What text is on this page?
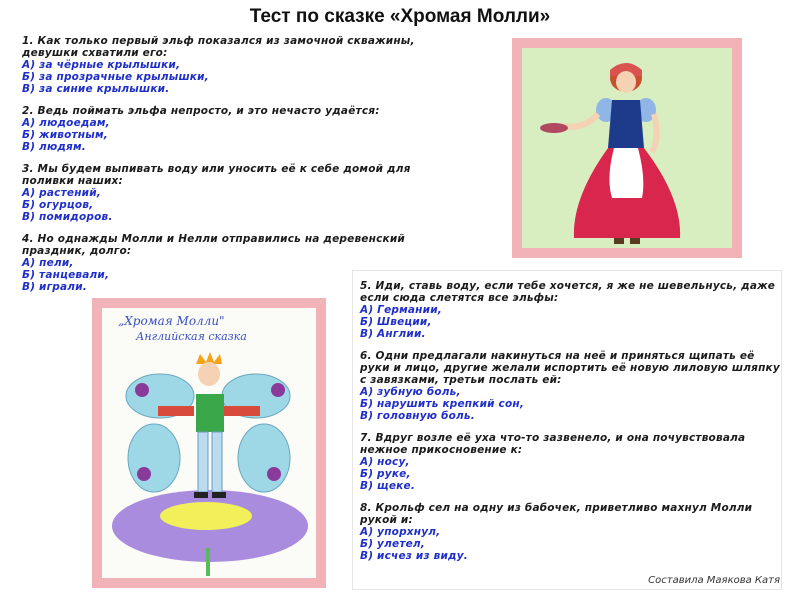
Тест по сказке «Хромая Молли»
1. Как только первый эльф показался из замочной скважины, девушки схватили его:
А) за чёрные крылышки,
Б) за прозрачные крылышки,
В) за синие крылышки.
2. Ведь поймать эльфа непросто, и это нечасто удаётся:
А) людоедам,
Б) животным,
В) людям.
3. Мы будем выпивать воду или уносить её к себе домой для поливки наших:
А) растений,
Б) огурцов,
В) помидоров.
4. Но однажды Молли и Нелли отправились на деревенский праздник, долго:
А) пели,
Б) танцевали,
В) играли.
„Хромая Молли"
Английская сказка
5. Иди, ставь воду, если тебе хочется, я же не шевельнусь, даже если сюда слетятся все эльфы:
А) Германии,
Б) Швеции,
В) Англии.
6. Одни предлагали накинуться на неё и приняться щипать её руки и лицо, другие желали испортить её новую лиловую шляпку с завязками, третьи послать ей:
А) зубную боль,
Б) нарушить крепкий сон,
В) головную боль.
7. Вдруг возле её уха что-то зазвенело, и она почувствовала нежное прикосновение к:
А) носу,
Б) руке,
В) щеке.
8. Крольф сел на одну из бабочек, приветливо махнул Молли рукой и:
А) упорхнул,
Б) улетел,
В) исчез из виду.
Составила Маякова Катя
